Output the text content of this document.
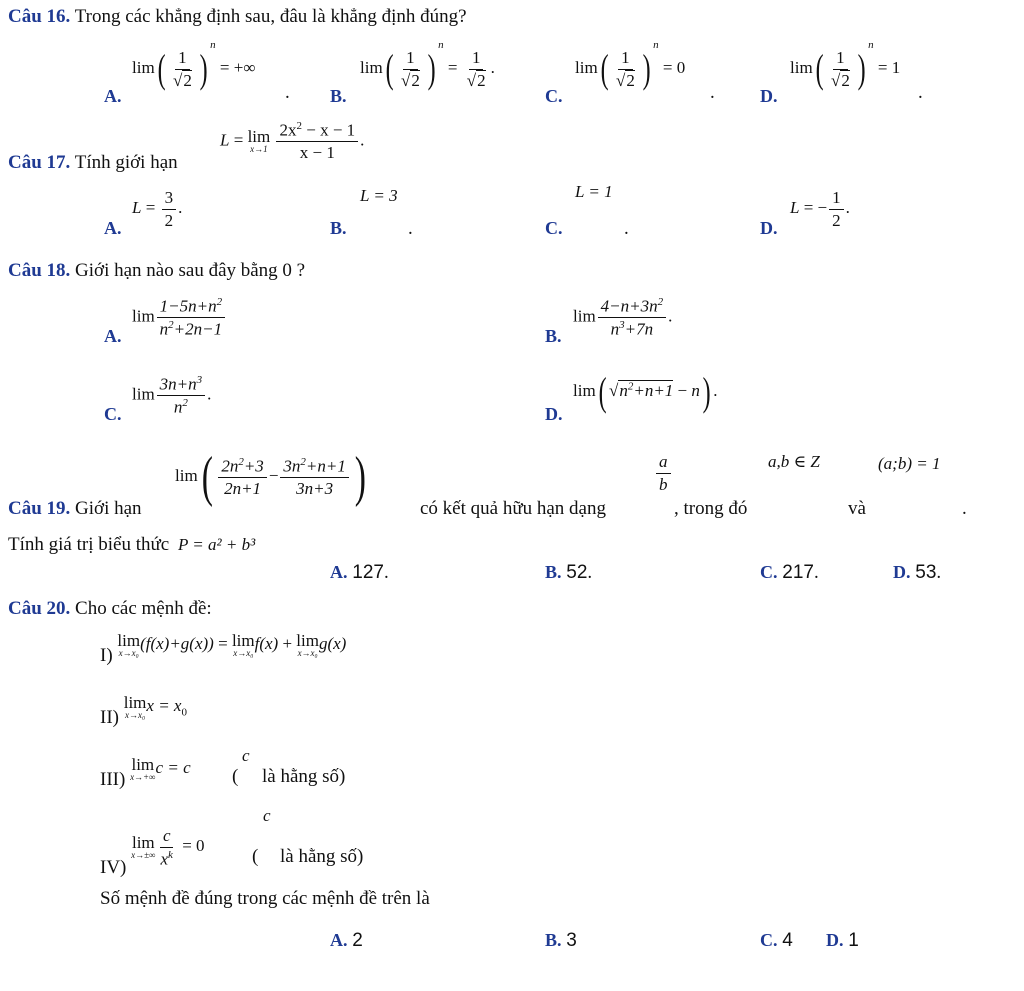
Câu 16. Trong các khẳng định sau, đâu là khẳng định đúng?
A.
$\lim( \frac{1}{√2} )^n$ = +∞
. B.
$\lim( \frac{1}{√2} )^n = \frac{1}{√2}$ .
C.
$\lim( \frac{1}{√2} )^n = 0$
.	D.
$\lim( \frac{1}{√2} )^n = 1$
.
Câu 17. Tính giới hạn
L = lim
x→1
$\frac{2x^2 - x - 1}{x - 1}$ .
A.
$L = \frac{3}{2}$ .
B.
L = 3
.	C.
L = 1
.	D.
L = − $\frac{1}{2}$ .
Câu 18. Giới hạn nào sau đây bằng 0 ?
A.
$\lim \frac{1-5n+n^2}{n^2+2n-1}$	B.
$\lim \frac{4-n+3n^2}{n^3+7n}$ .
C.
$\lim \frac{3n+n^3}{n^2}$ .
D.
lim( $√n^2+n+1 - n$) .
Câu 19. Giới hạn
$\lim( \frac{2n^2+3}{2n+1} - \frac{3n^2+n+1}{3n+3}$ )
có kết quả hữu hạn dạng
$\frac{a}{b}$
, trong đó
a,b ∈ Z
và
(a;b) = 1
.
Tính giá trị biểu thức P = a² + b³
A. 127.	B. 52.	C. 217.	D. 53.
Câu 20. Cho các mệnh đề:
I)
lim
x→x₀
(f(x)+g(x)) = lim
x→x₀
f(x) + lim
x→x₀
g(x)
II)
lim
x→x₀
$x = x_0$
III)
lim
x→+∞
c = c
c
( là hằng số)
IV)
lim
$x\to\pm\infty \frac{c}{x^k} = 0$
c
( là hằng số)
Số mệnh đề đúng trong các mệnh đề trên là
A. 2	B. 3	C. 4 D. 1
